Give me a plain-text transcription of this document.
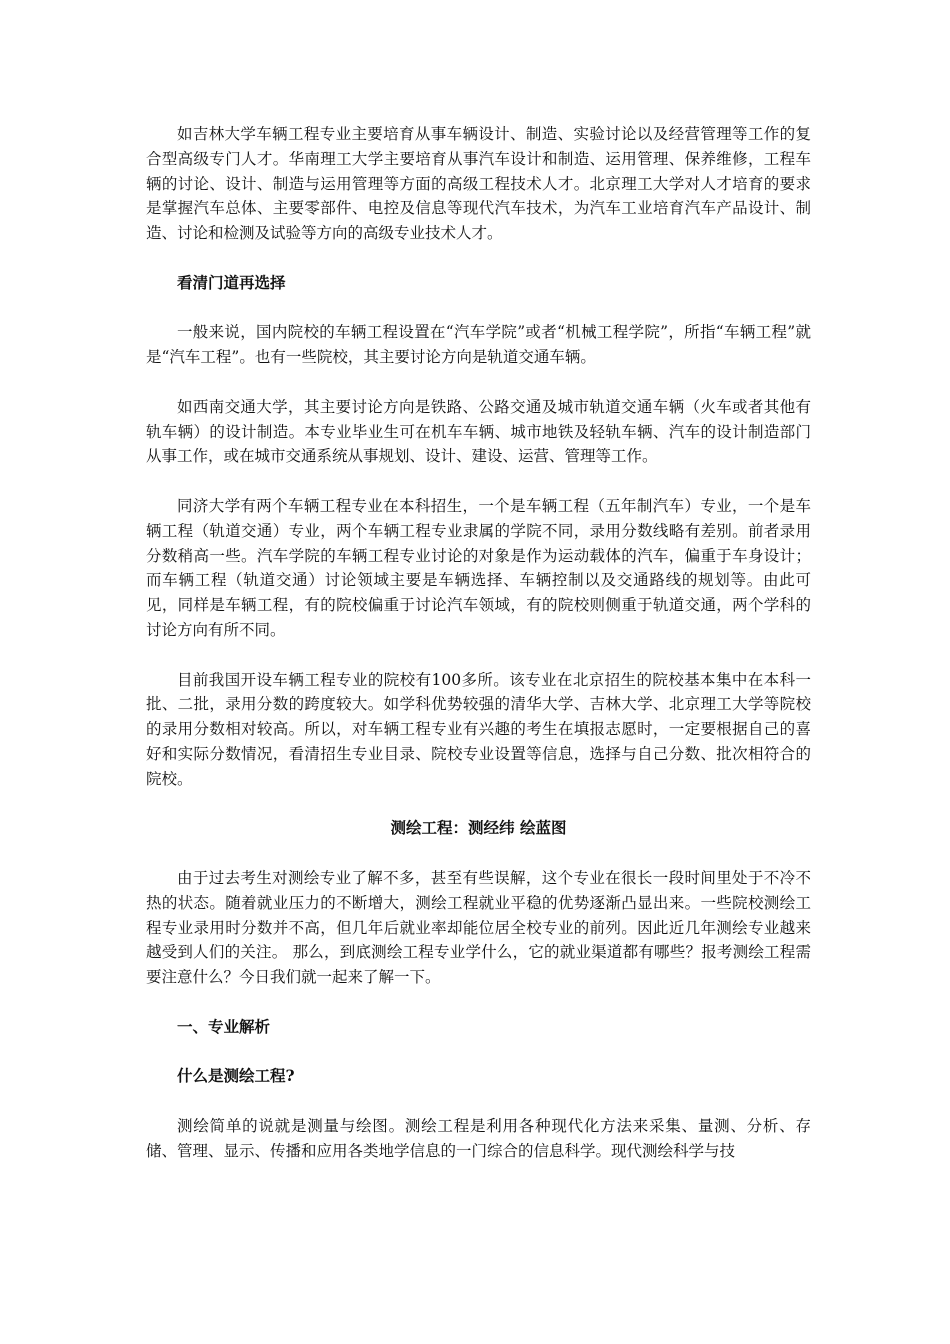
如吉林大学车辆工程专业主要培育从事车辆设计、制造、实验讨论以及经营管理等工作的复合型高级专门人才。华南理工大学主要培育从事汽车设计和制造、运用管理、保养维修，工程车辆的讨论、设计、制造与运用管理等方面的高级工程技术人才。北京理工大学对人才培育的要求是掌握汽车总体、主要零部件、电控及信息等现代汽车技术，为汽车工业培育汽车产品设计、制造、讨论和检测及试验等方向的高级专业技术人才。

看清门道再选择

一般来说，国内院校的车辆工程设置在“汽车学院”或者“机械工程学院”，所指“车辆工程”就是“汽车工程”。也有一些院校，其主要讨论方向是轨道交通车辆。

如西南交通大学，其主要讨论方向是铁路、公路交通及城市轨道交通车辆（火车或者其他有轨车辆）的设计制造。本专业毕业生可在机车车辆、城市地铁及轻轨车辆、汽车的设计制造部门从事工作，或在城市交通系统从事规划、设计、建设、运营、管理等工作。

同济大学有两个车辆工程专业在本科招生，一个是车辆工程（五年制汽车）专业，一个是车辆工程（轨道交通）专业，两个车辆工程专业隶属的学院不同，录用分数线略有差别。前者录用分数稍高一些。汽车学院的车辆工程专业讨论的对象是作为运动载体的汽车，偏重于车身设计；而车辆工程（轨道交通）讨论领域主要是车辆选择、车辆控制以及交通路线的规划等。由此可见，同样是车辆工程，有的院校偏重于讨论汽车领域，有的院校则侧重于轨道交通，两个学科的讨论方向有所不同。

目前我国开设车辆工程专业的院校有100多所。该专业在北京招生的院校基本集中在本科一批、二批，录用分数的跨度较大。如学科优势较强的清华大学、吉林大学、北京理工大学等院校的录用分数相对较高。所以，对车辆工程专业有兴趣的考生在填报志愿时，一定要根据自己的喜好和实际分数情况，看清招生专业目录、院校专业设置等信息，选择与自己分数、批次相符合的院校。

测绘工程：测经纬 绘蓝图

由于过去考生对测绘专业了解不多，甚至有些误解，这个专业在很长一段时间里处于不冷不热的状态。随着就业压力的不断增大，测绘工程就业平稳的优势逐渐凸显出来。一些院校测绘工程专业录用时分数并不高，但几年后就业率却能位居全校专业的前列。因此近几年测绘专业越来越受到人们的关注。 那么，到底测绘工程专业学什么，它的就业渠道都有哪些？报考测绘工程需要注意什么？今日我们就一起来了解一下。

一、专业解析

什么是测绘工程?

测绘简单的说就是测量与绘图。测绘工程是利用各种现代化方法来采集、量测、分析、存储、管理、显示、传播和应用各类地学信息的一门综合的信息科学。现代测绘科学与技
